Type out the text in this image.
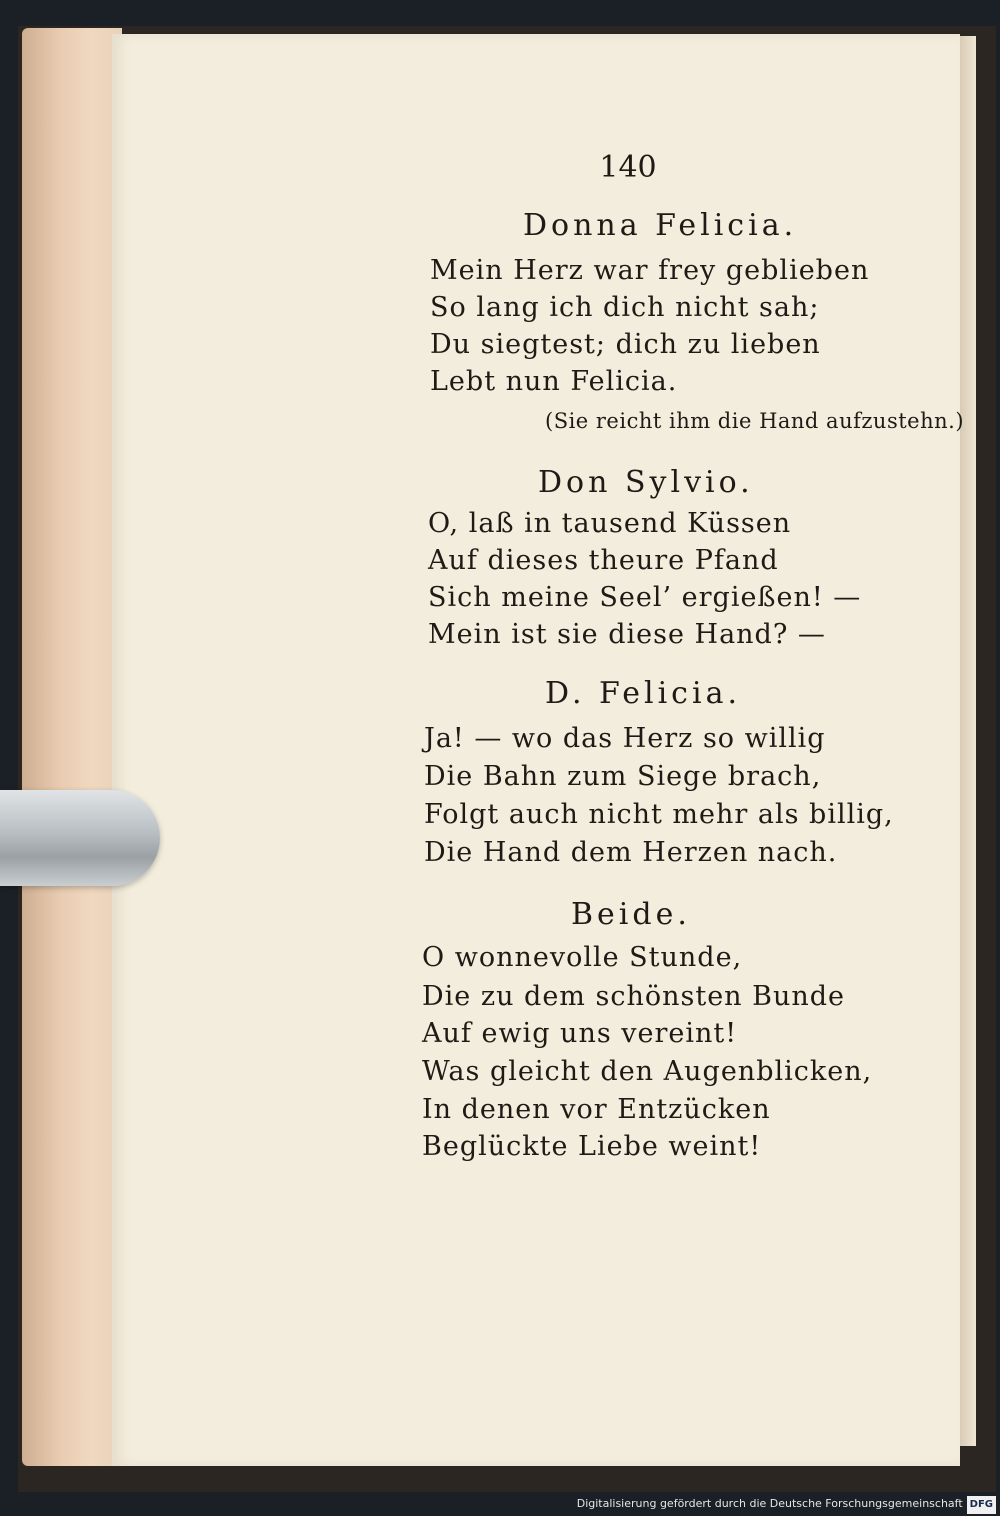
140
Donna Felicia.
Mein Herz war frey geblieben
So lang ich dich nicht sah;
Du siegtest; dich zu lieben
Lebt nun Felicia.
(Sie reicht ihm die Hand aufzustehn.)
Don Sylvio.
O, laß in tausend Küssen
Auf dieses theure Pfand
Sich meine Seel’ ergießen! —
Mein ist sie diese Hand? —
D. Felicia.
Ja! — wo das Herz so willig
Die Bahn zum Siege brach,
Folgt auch nicht mehr als billig,
Die Hand dem Herzen nach.
Beide.
O wonnevolle Stunde,
Die zu dem schönsten Bunde
Auf ewig uns vereint!
Was gleicht den Augenblicken,
In denen vor Entzücken
Beglückte Liebe weint!
Digitalisierung gefördert durch die Deutsche Forschungsgemeinschaft DFG
